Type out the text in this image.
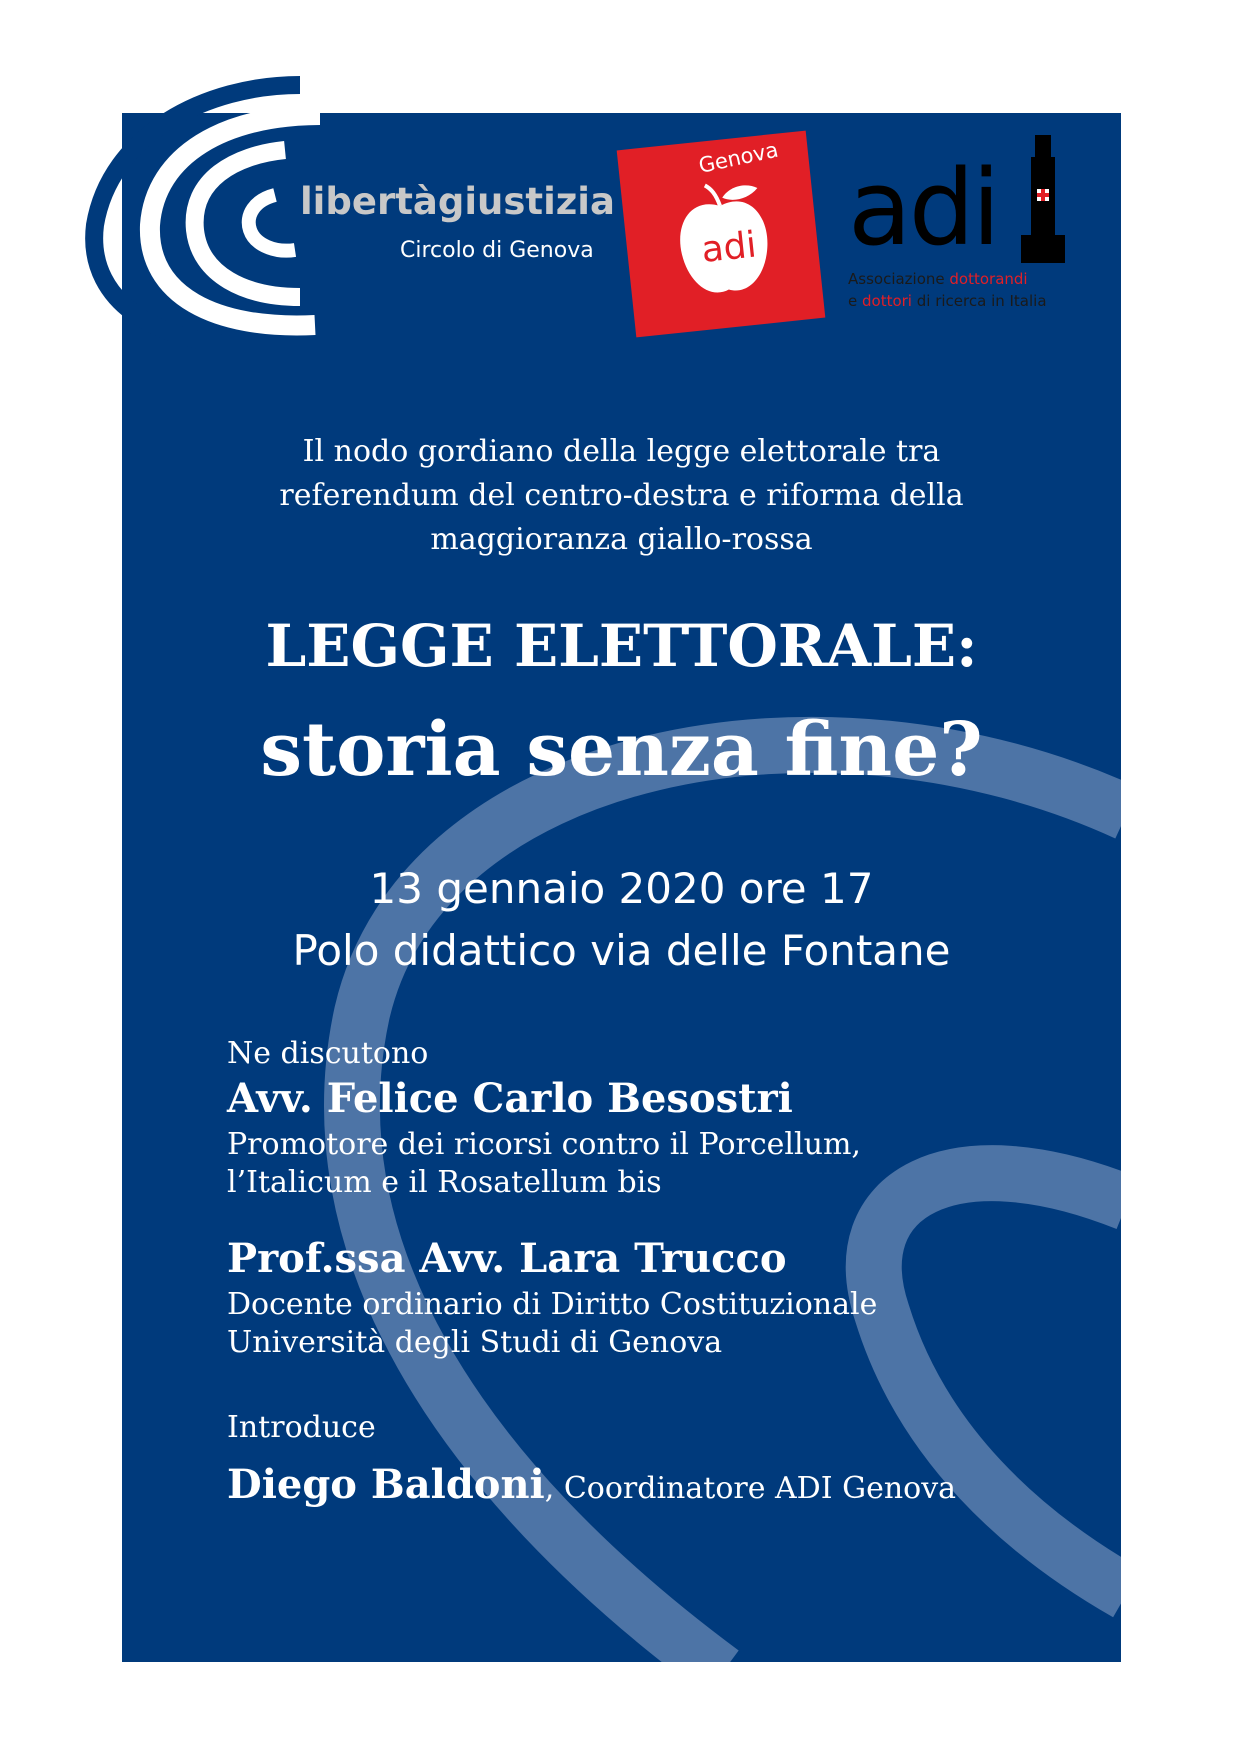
libertàgiustizia
Circolo di Genova
Genova
adi adi
Associazione dottorandi
e dottori di ricerca in Italia
Il nodo gordiano della legge elettorale tra
referendum del centro-destra e riforma della
maggioranza giallo-rossa
LEGGE ELETTORALE:
storia senza fine?
13 gennaio 2020 ore 17
Polo didattico via delle Fontane
Ne discutono
Avv. Felice Carlo Besostri
Promotore dei ricorsi contro il Porcellum,
l’Italicum e il Rosatellum bis
Prof.ssa Avv. Lara Trucco
Docente ordinario di Diritto Costituzionale
Università degli Studi di Genova
Introduce
Diego Baldoni, Coordinatore ADI Genova
